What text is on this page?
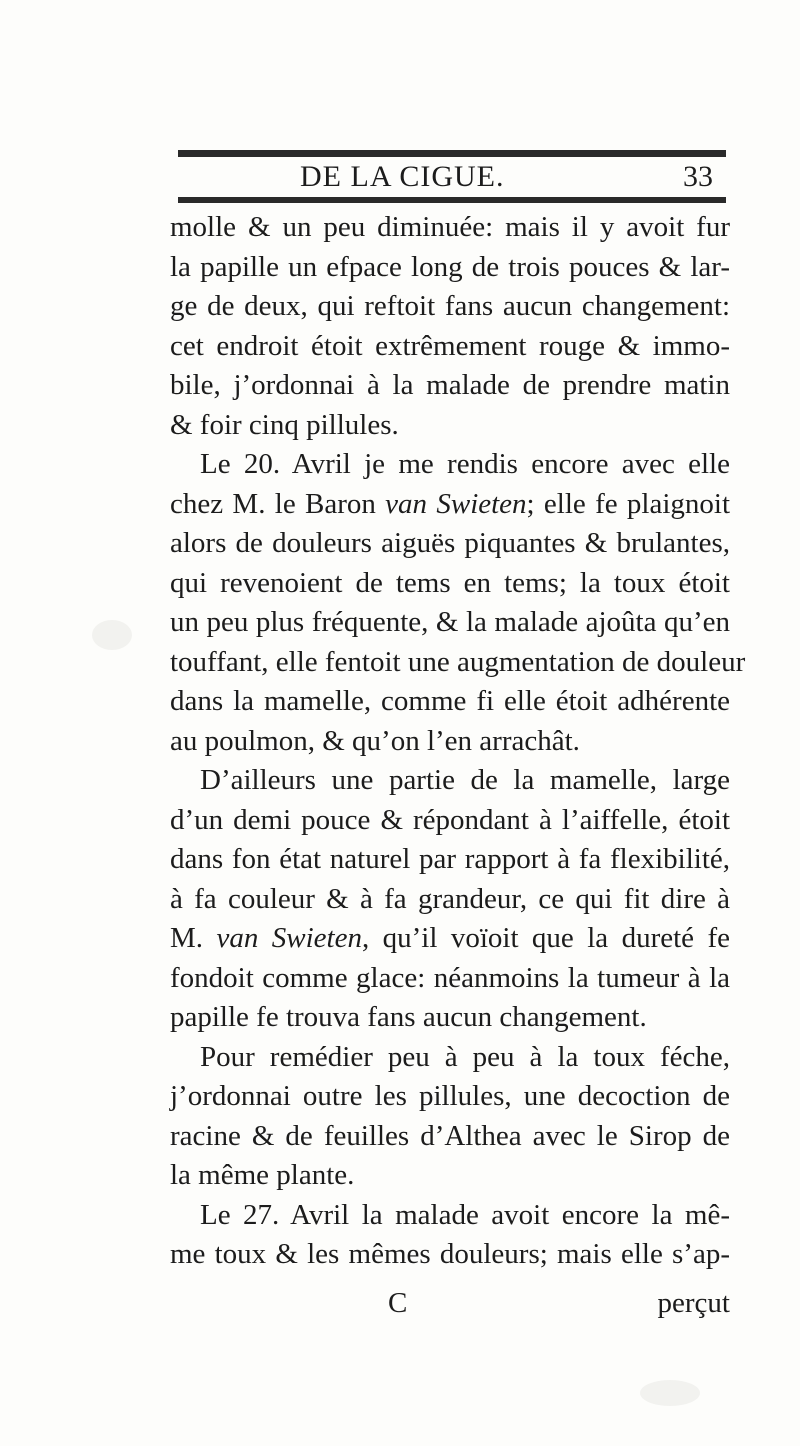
DE LA CIGUE.	33
molle & un peu diminuée: mais il y avoit fur
la papille un efpace long de trois pouces & lar-
ge de deux, qui reftoit fans aucun changement:
cet endroit étoit extrêmement rouge & immo-
bile, j’ordonnai à la malade de prendre matin
& foir cinq pillules.
Le 20. Avril je me rendis encore avec elle
chez M. le Baron van Swieten; elle fe plaignoit
alors de douleurs aiguës piquantes & brulantes,
qui revenoient de tems en tems; la toux étoit
un peu plus fréquente, & la malade ajoûta qu’en
touffant, elle fentoit une augmentation de douleur
dans la mamelle, comme fi elle étoit adhérente
au poulmon, & qu’on l’en arrachât.
D’ailleurs une partie de la mamelle, large
d’un demi pouce & répondant à l’aiffelle, étoit
dans fon état naturel par rapport à fa flexibilité,
à fa couleur & à fa grandeur, ce qui fit dire à
M. van Swieten, qu’il voïoit que la dureté fe
fondoit comme glace: néanmoins la tumeur à la
papille fe trouva fans aucun changement.
Pour remédier peu à peu à la toux féche,
j’ordonnai outre les pillules, une decoction de
racine & de feuilles d’Althea avec le Sirop de
la même plante.
Le 27. Avril la malade avoit encore la mê-
me toux & les mêmes douleurs; mais elle s’ap-
C	perçut
